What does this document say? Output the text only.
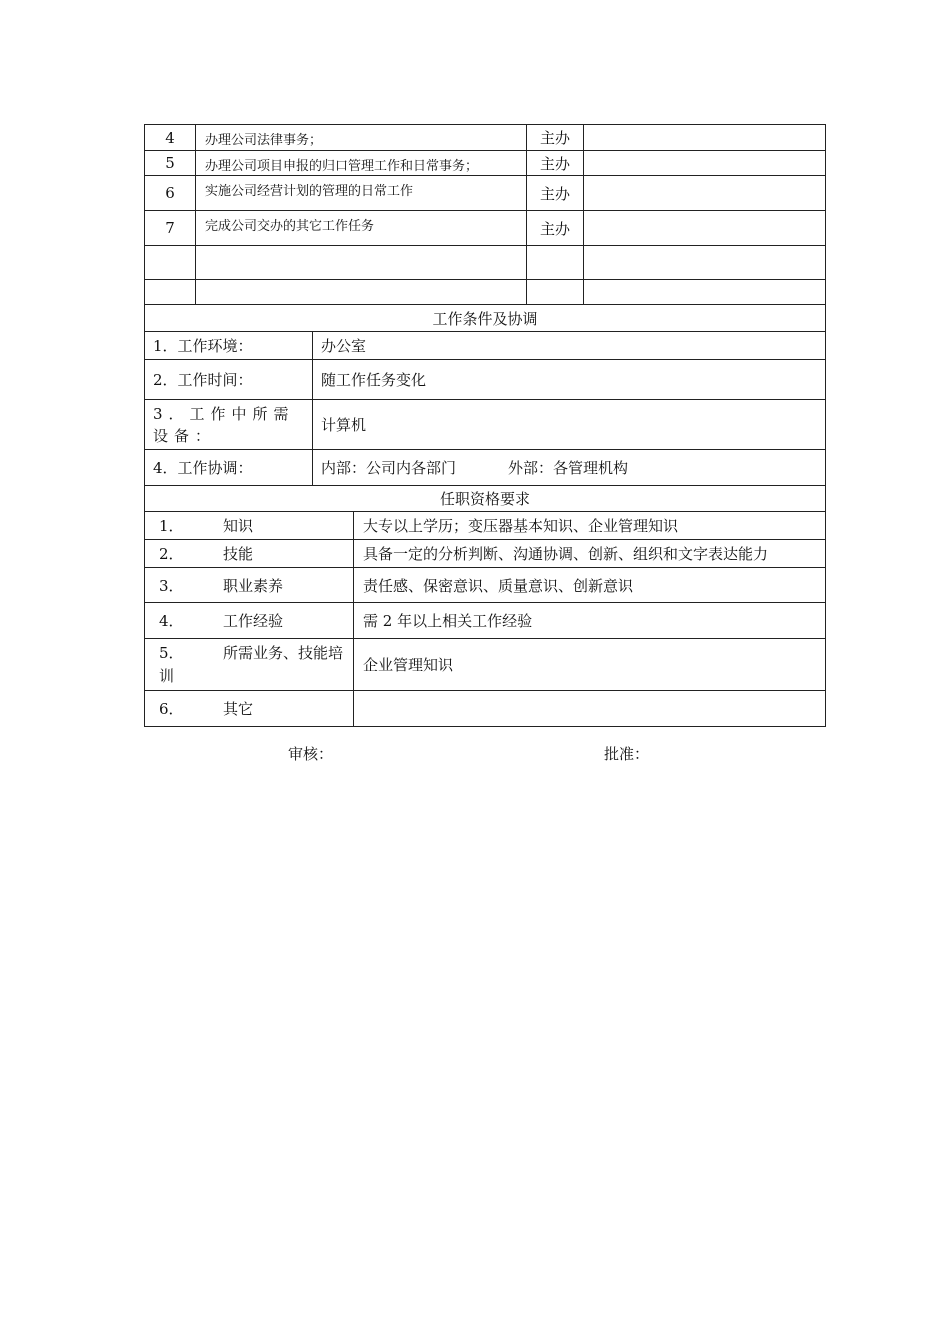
4	办理公司法律事务；	主办	
5	办理公司项目申报的归口管理工作和日常事务；	主办	
6	实施公司经营计划的管理的日常工作	主办	
7	完成公司交办的其它工作任务	主办	

工作条件及协调	
1．工作环境：	办公室
2．工作时间：	随工作任务变化

3．工作中所需设备：	计算机
4．工作协调：	内部：公司内各部门 外部：各管理机构
任职资格要求	
1． 知识	大专以上学历；变压器基本知识、企业管理知识
2． 技能	具备一定的分析判断、沟通协调、创新、组织和文字表达能力
3． 职业素养	责任感、保密意识、质量意识、创新意识
4． 工作经验	需 2 年以上相关工作经验

5． 所需业务、技能培训	企业管理知识
6． 其它	
审核：	批准：
